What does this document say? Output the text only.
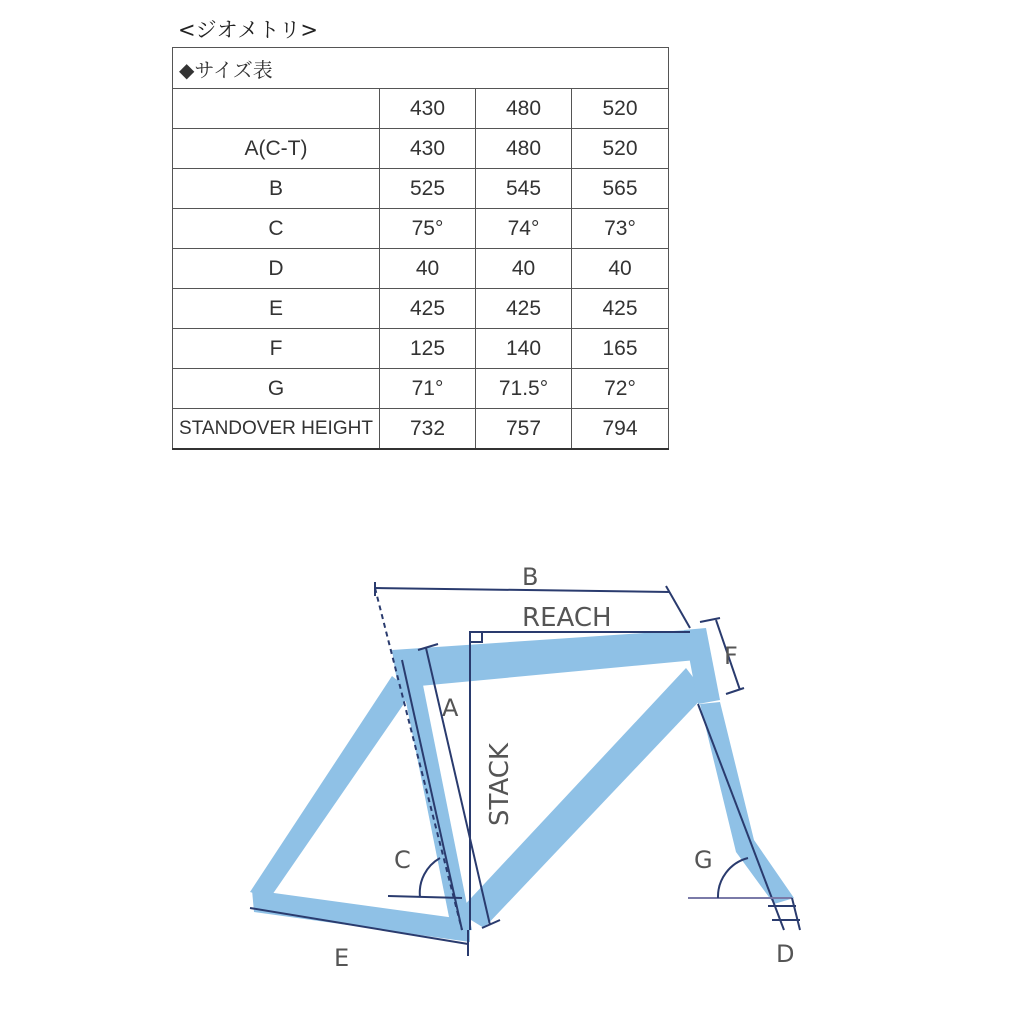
<ジオメトリ>
◆サイズ表			
	430	480	520
A(C-T)	430	480	520
B	525	545	565
C	75°	74°	73°
D	40	40	40
E	425	425	425
F	125	140	165
G	71°	71.5°	72°
STANDOVER HEIGHT	732	757	794
B
REACH
F
A
STACK
C	G
E	D
